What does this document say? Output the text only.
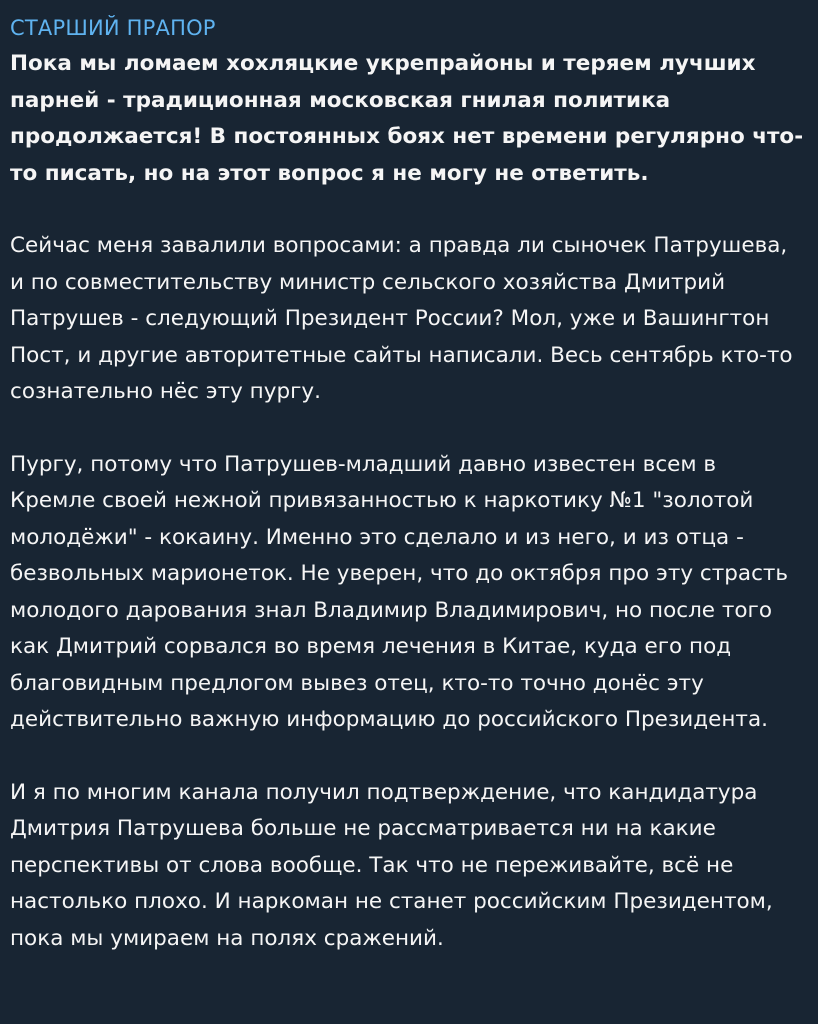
СТАРШИЙ ПРАПОР

Пока мы ломаем хохляцкие укрепрайоны и теряем лучших парней - традиционная московская гнилая политика продолжается! В постоянных боях нет времени регулярно что-то писать, но на этот вопрос я не могу не ответить.

Сейчас меня завалили вопросами: а правда ли сыночек Патрушева, и по совместительству министр сельского хозяйства Дмитрий Патрушев - следующий Президент России? Мол, уже и Вашингтон Пост, и другие авторитетные сайты написали. Весь сентябрь кто-то сознательно нёс эту пургу.

Пургу, потому что Патрушев-младший давно известен всем в Кремле своей нежной привязанностью к наркотику №1 "золотой молодёжи" - кокаину. Именно это сделало и из него, и из отца - безвольных марионеток. Не уверен, что до октября про эту страсть молодого дарования знал Владимир Владимирович, но после того как Дмитрий сорвался во время лечения в Китае, куда его под благовидным предлогом вывез отец, кто-то точно донёс эту действительно важную информацию до российского Президента.

И я по многим канала получил подтверждение, что кандидатура Дмитрия Патрушева больше не рассматривается ни на какие перспективы от слова вообще. Так что не переживайте, всё не настолько плохо. И наркоман не станет российским Президентом, пока мы умираем на полях сражений.
